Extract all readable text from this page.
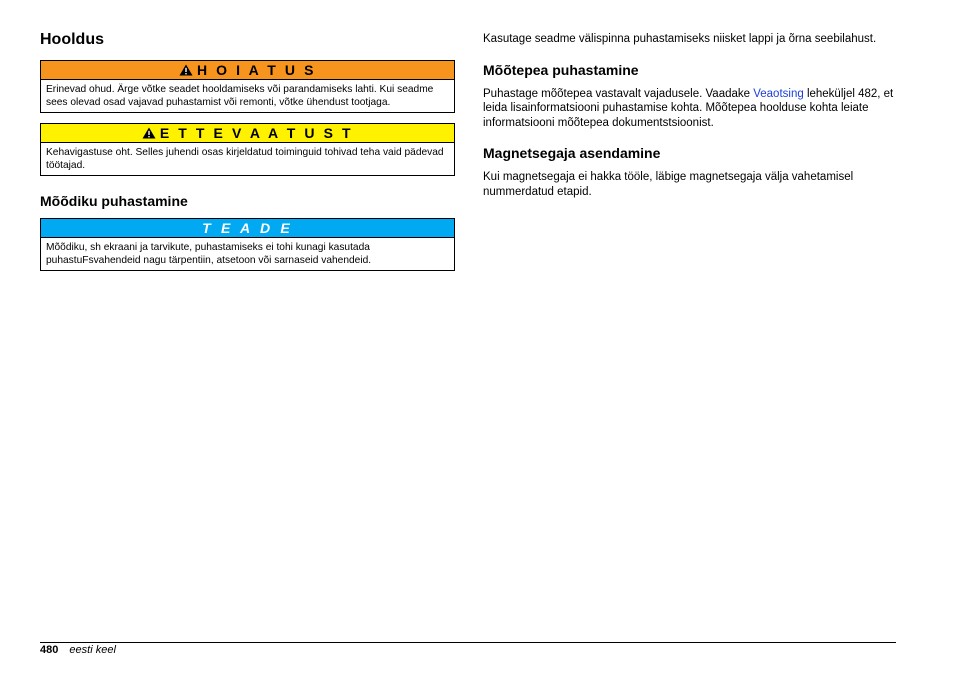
Hooldus
H O I A T U S
Erinevad ohud. Ärge võtke seadet hooldamiseks või parandamiseks lahti. Kui seadme sees olevad osad vajavad puhastamist või remonti, võtke ühendust tootjaga.
E T T E V A A T U S T
Kehavigastuse oht. Selles juhendi osas kirjeldatud toiminguid tohivad teha vaid pädevad töötajad.
Mõõdiku puhastamine
T E A D E
Mõõdiku, sh ekraani ja tarvikute, puhastamiseks ei tohi kunagi kasutada puhastuFsvahendeid nagu tärpentiin, atsetoon või sarnaseid vahendeid.

Kasutage seadme välispinna puhastamiseks niisket lappi ja õrna seebilahust.

Mõõtepea puhastamine

Puhastage mõõtepea vastavalt vajadusele. Vaadake Veaotsing leheküljel 482, et leida lisainformatsiooni puhastamise kohta. Mõõtepea hoolduse kohta leiate informatsiooni mõõtepea dokumentstsioonist.

Magnetsegaja asendamine

Kui magnetsegaja ei hakka tööle, läbige magnetsegaja välja vahetamisel nummerdatud etapid.

480 eesti keel
